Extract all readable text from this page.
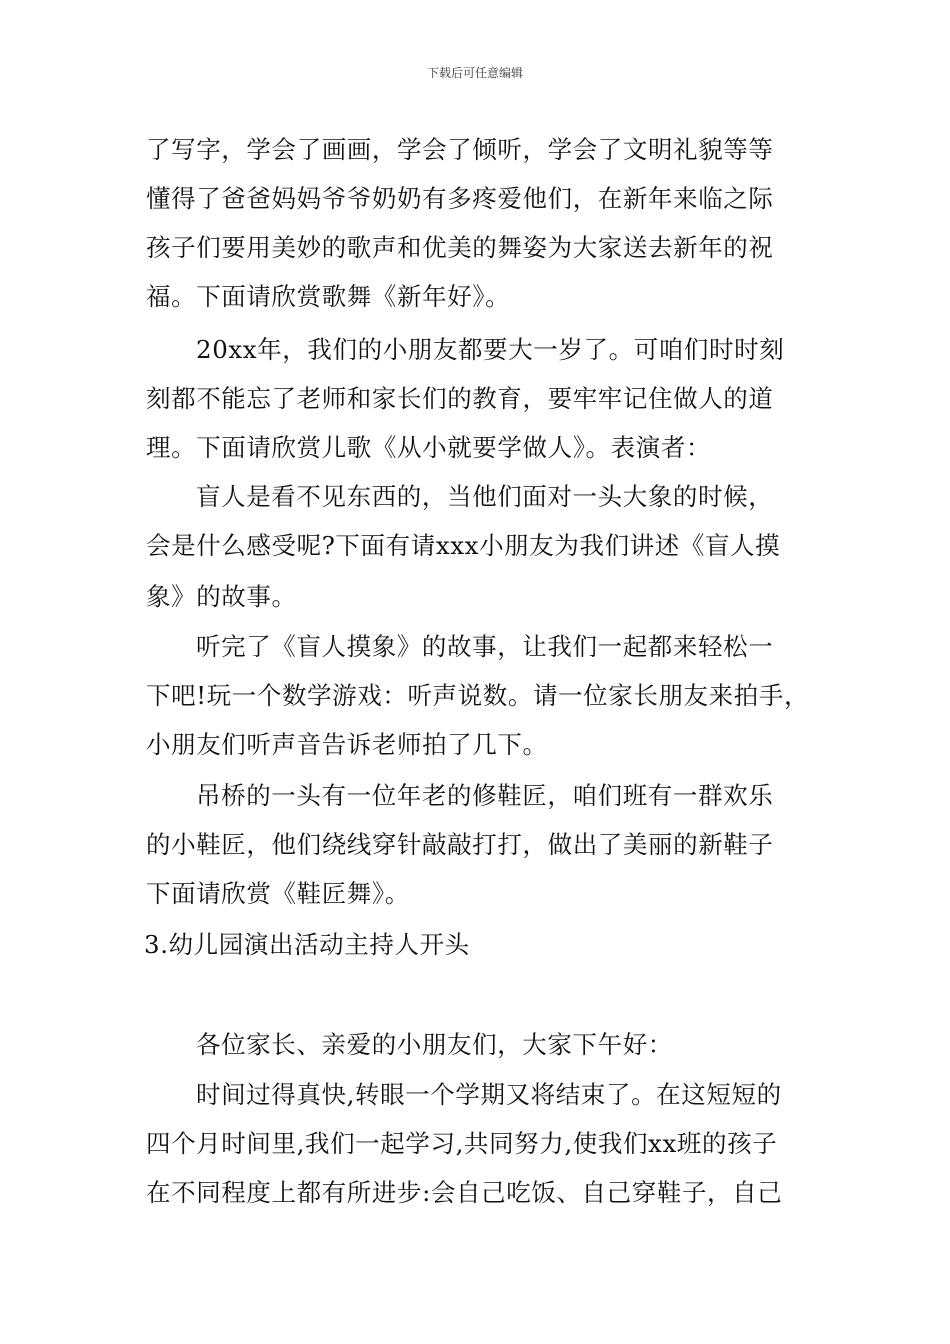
下载后可任意编辑
了写字，学会了画画，学会了倾听，学会了文明礼貌等等
懂得了爸爸妈妈爷爷奶奶有多疼爱他们，在新年来临之际
孩子们要用美妙的歌声和优美的舞姿为大家送去新年的祝
福。下面请欣赏歌舞《新年好》。
20xx年，我们的小朋友都要大一岁了。可咱们时时刻
刻都不能忘了老师和家长们的教育，要牢牢记住做人的道
理。下面请欣赏儿歌《从小就要学做人》。表演者：
盲人是看不见东西的，当他们面对一头大象的时候，
会是什么感受呢?下面有请xxx小朋友为我们讲述《盲人摸
象》的故事。
听完了《盲人摸象》的故事，让我们一起都来轻松一
下吧!玩一个数学游戏：听声说数。请一位家长朋友来拍手，
小朋友们听声音告诉老师拍了几下。
吊桥的一头有一位年老的修鞋匠，咱们班有一群欢乐
的小鞋匠，他们绕线穿针敲敲打打，做出了美丽的新鞋子
下面请欣赏《鞋匠舞》。
3.幼儿园演出活动主持人开头
各位家长、亲爱的小朋友们，大家下午好：
时间过得真快,转眼一个学期又将结束了。在这短短的
四个月时间里,我们一起学习,共同努力,使我们xx班的孩子
在不同程度上都有所进步:会自己吃饭、自己穿鞋子，自己
